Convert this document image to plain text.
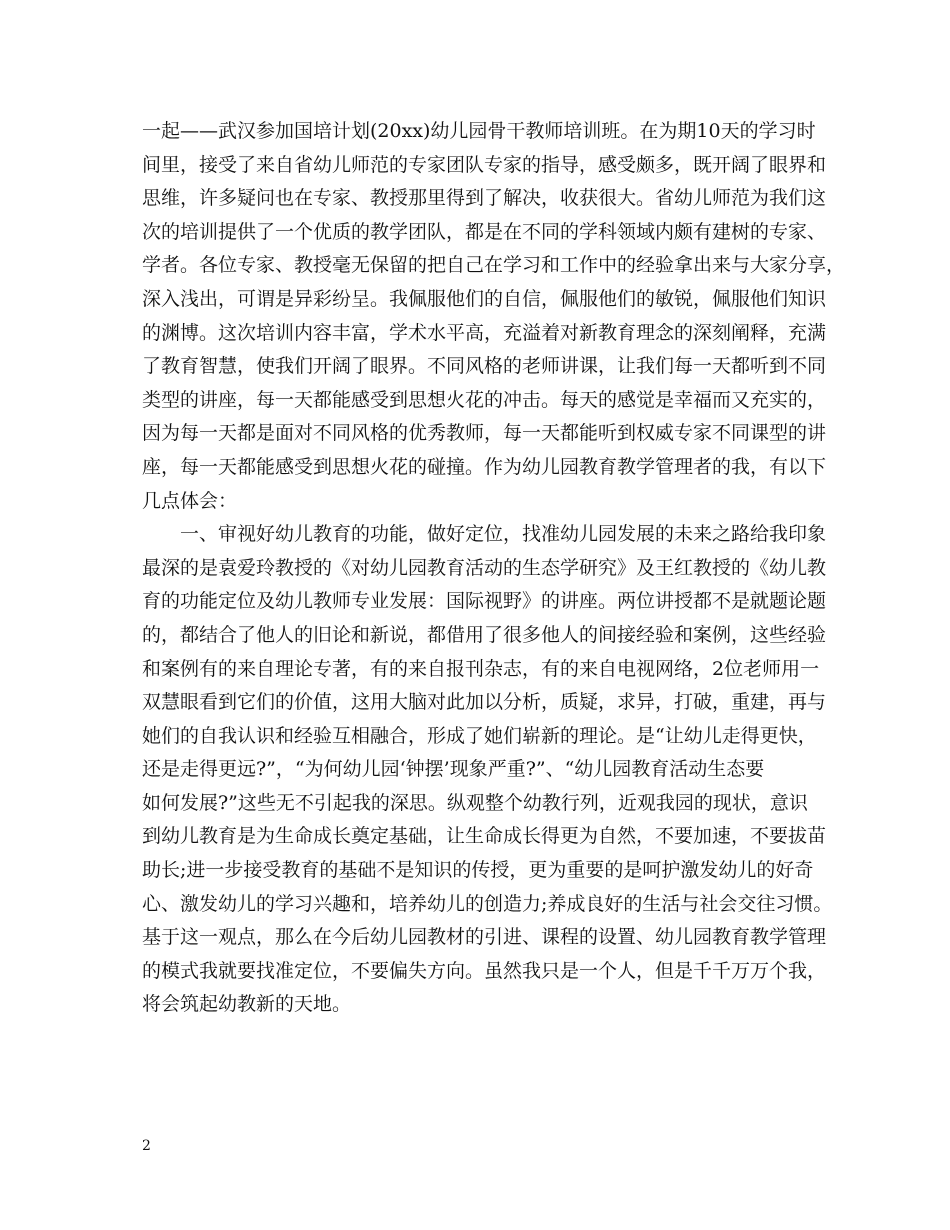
一起——武汉参加国培计划(20xx)幼儿园骨干教师培训班。在为期10天的学习时
间里，接受了来自省幼儿师范的专家团队专家的指导，感受颇多，既开阔了眼界和
思维，许多疑问也在专家、教授那里得到了解决，收获很大。省幼儿师范为我们这
次的培训提供了一个优质的教学团队，都是在不同的学科领域内颇有建树的专家、
学者。各位专家、教授毫无保留的把自己在学习和工作中的经验拿出来与大家分享，
深入浅出，可谓是异彩纷呈。我佩服他们的自信，佩服他们的敏锐，佩服他们知识
的渊博。这次培训内容丰富，学术水平高，充溢着对新教育理念的深刻阐释，充满
了教育智慧，使我们开阔了眼界。不同风格的老师讲课，让我们每一天都听到不同
类型的讲座，每一天都能感受到思想火花的冲击。每天的感觉是幸福而又充实的，
因为每一天都是面对不同风格的优秀教师，每一天都能听到权威专家不同课型的讲
座，每一天都能感受到思想火花的碰撞。作为幼儿园教育教学管理者的我，有以下
几点体会：
一、审视好幼儿教育的功能，做好定位，找准幼儿园发展的未来之路给我印象
最深的是袁爱玲教授的《对幼儿园教育活动的生态学研究》及王红教授的《幼儿教
育的功能定位及幼儿教师专业发展：国际视野》的讲座。两位讲授都不是就题论题
的，都结合了他人的旧论和新说，都借用了很多他人的间接经验和案例，这些经验
和案例有的来自理论专著，有的来自报刊杂志，有的来自电视网络，2位老师用一
双慧眼看到它们的价值，这用大脑对此加以分析，质疑，求异，打破，重建，再与
她们的自我认识和经验互相融合，形成了她们崭新的理论。是“让幼儿走得更快，
还是走得更远?”，“为何幼儿园‘钟摆’现象严重?”、“幼儿园教育活动生态要
如何发展?”这些无不引起我的深思。纵观整个幼教行列，近观我园的现状，意识
到幼儿教育是为生命成长奠定基础，让生命成长得更为自然，不要加速，不要拔苗
助长;进一步接受教育的基础不是知识的传授，更为重要的是呵护激发幼儿的好奇
心、激发幼儿的学习兴趣和，培养幼儿的创造力;养成良好的生活与社会交往习惯。
基于这一观点，那么在今后幼儿园教材的引进、课程的设置、幼儿园教育教学管理
的模式我就要找准定位，不要偏失方向。虽然我只是一个人，但是千千万万个我，
将会筑起幼教新的天地。
2
